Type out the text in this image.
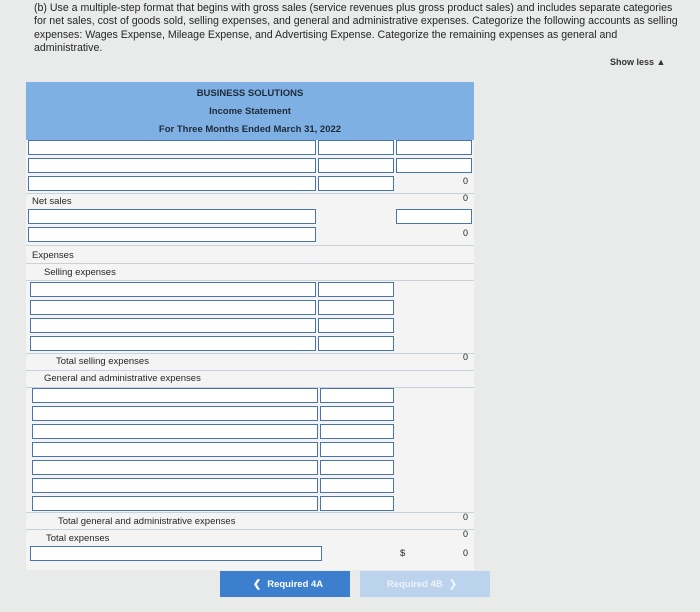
(b) Use a multiple-step format that begins with gross sales (service revenues plus gross product sales) and includes separate categories for net sales, cost of goods sold, selling expenses, and general and administrative expenses. Categorize the following accounts as selling expenses: Wages Expense, Mileage Expense, and Advertising Expense. Categorize the remaining expenses as general and administrative.
Show less ▲
BUSINESS SOLUTIONS
Income Statement
For Three Months Ended March 31, 2022
0
Net sales	0
0
Expenses
Selling expenses
Total selling expenses	0
General and administrative expenses
Total general and administrative expenses	0
Total expenses	0
$	0
❮ Required 4A	Required 4B ❯
